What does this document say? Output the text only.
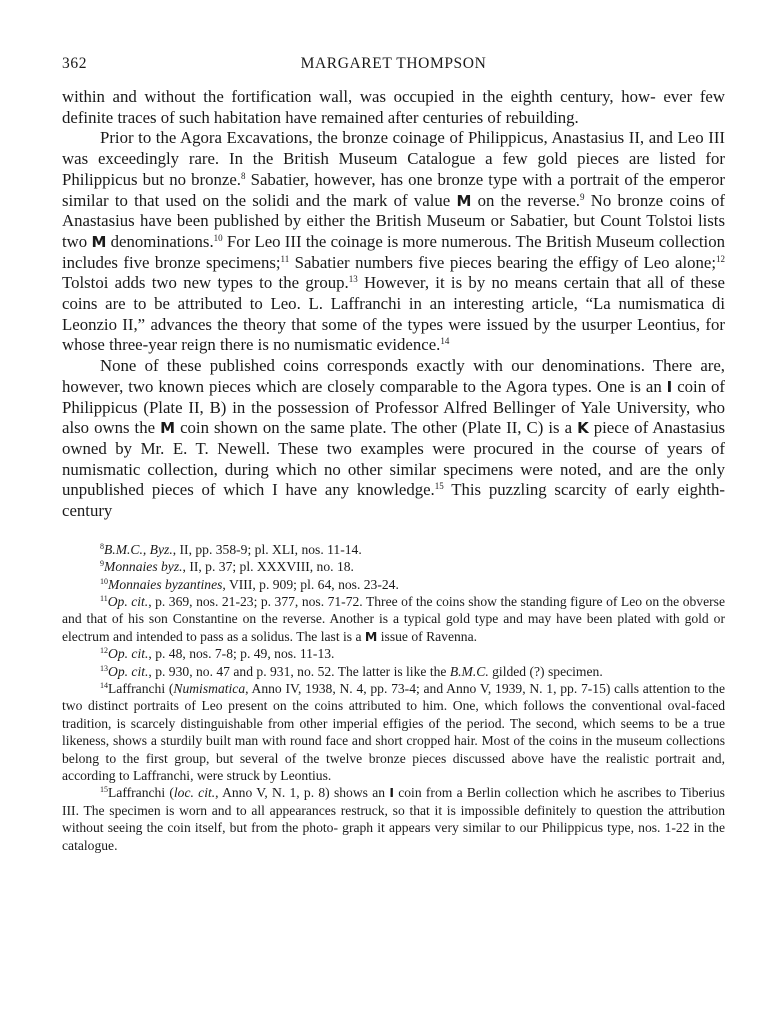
362	MARGARET THOMPSON

within and without the fortification wall, was occupied in the eighth century, how- ever few definite traces of such habitation have remained after centuries of rebuilding.

Prior to the Agora Excavations, the bronze coinage of Philippicus, Anastasius II, and Leo III was exceedingly rare. In the British Museum Catalogue a few gold pieces are listed for Philippicus but no bronze.$^8$ Sabatier, however, has one bronze type with a portrait of the emperor similar to that used on the solidi and the mark of value M on the reverse.$^9$ No bronze coins of Anastasius have been published by either the British Museum or Sabatier, but Count Tolstoi lists two M denominations.$^{10}$ For Leo III the coinage is more numerous. The British Museum collection includes five bronze specimens;$^{11}$ Sabatier numbers five pieces bearing the effigy of Leo alone;$^{12}$ Tolstoi adds two new types to the group.$^{13}$ However, it is by no means certain that all of these coins are to be attributed to Leo. L. Laffranchi in an interesting article, “La numismatica di Leonzio II,” advances the theory that some of the types were issued by the usurper Leontius, for whose three-year reign there is no numismatic evidence.$^{14}$

None of these published coins corresponds exactly with our denominations. There are, however, two known pieces which are closely comparable to the Agora types. One is an I coin of Philippicus (Plate II, B) in the possession of Professor Alfred Bellinger of Yale University, who also owns the M coin shown on the same plate. The other (Plate II, C) is a K piece of Anastasius owned by Mr. E. T. Newell. These two examples were procured in the course of years of numismatic collection, during which no other similar specimens were noted, and are the only unpublished pieces of which I have any knowledge.$^{15}$ This puzzling scarcity of early eighth-century

$^8$B.M.C., Byz., II, pp. 358-9; pl. XLI, nos. 11-14.

$^9$Monnaies byz., II, p. 37; pl. XXXVIII, no. 18.

$^{10}$Monnaies byzantines, VIII, p. 909; pl. 64, nos. 23-24.

$^{11}$Op. cit., p. 369, nos. 21-23; p. 377, nos. 71-72. Three of the coins show the standing figure of Leo on the obverse and that of his son Constantine on the reverse. Another is a typical gold type and may have been plated with gold or electrum and intended to pass as a solidus. The last is a M issue of Ravenna.

$^{12}$Op. cit., p. 48, nos. 7-8; p. 49, nos. 11-13.

$^{13}$Op. cit., p. 930, no. 47 and p. 931, no. 52. The latter is like the B.M.C. gilded (?) specimen.

$^{14}$Laffranchi (Numismatica, Anno IV, 1938, N. 4, pp. 73-4; and Anno V, 1939, N. 1, pp. 7-15) calls attention to the two distinct portraits of Leo present on the coins attributed to him. One, which follows the conventional oval-faced tradition, is scarcely distinguishable from other imperial effigies of the period. The second, which seems to be a true likeness, shows a sturdily built man with round face and short cropped hair. Most of the coins in the museum collections belong to the first group, but several of the twelve bronze pieces discussed above have the realistic portrait and, according to Laffranchi, were struck by Leontius.

$^{15}$Laffranchi (loc. cit., Anno V, N. 1, p. 8) shows an I coin from a Berlin collection which he ascribes to Tiberius III. The specimen is worn and to all appearances restruck, so that it is impossible definitely to question the attribution without seeing the coin itself, but from the photo- graph it appears very similar to our Philippicus type, nos. 1-22 in the catalogue.
